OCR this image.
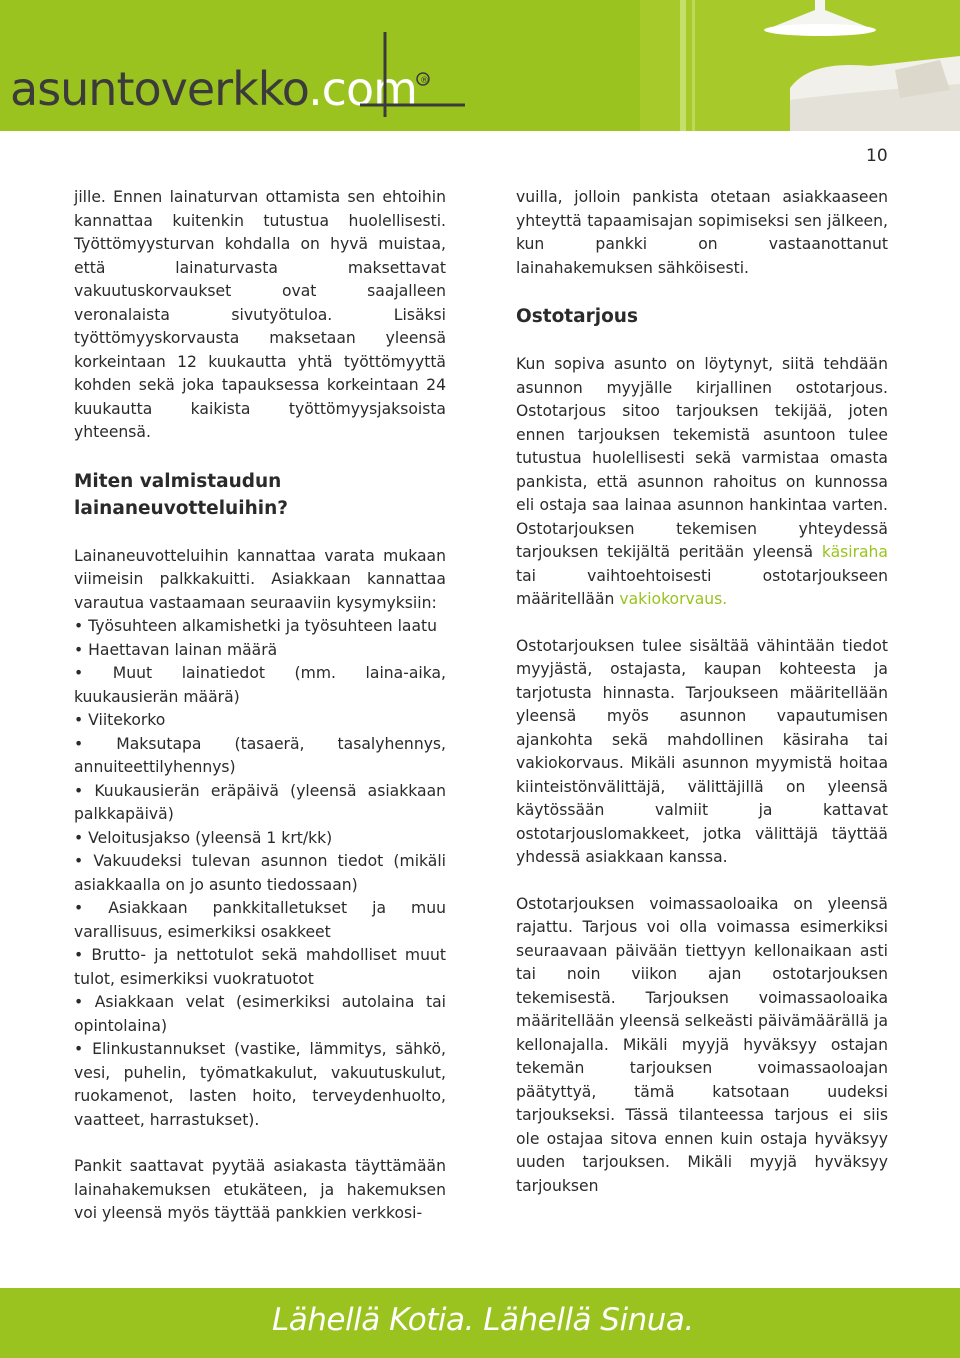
asuntoverkko.com ®
10

jille. Ennen lainaturvan ottamista sen ehtoihin kannattaa kuitenkin tutustua huolellisesti. Työttömyysturvan kohdalla on hyvä muistaa, että lainaturvasta maksettavat vakuutuskorvaukset ovat saajalleen veronalaista sivutyötuloa. Lisäksi työttömyyskorvausta maksetaan yleensä korkeintaan 12 kuukautta yhtä työttömyyttä kohden sekä joka tapauksessa korkeintaan 24 kuukautta kaikista työttömyysjaksoista yhteensä.

Miten valmistaudun lainaneuvotteluihin?

Lainaneuvotteluihin kannattaa varata mukaan viimeisin palkkakuitti. Asiakkaan kannattaa varautua vastaamaan seuraaviin kysymyksiin:

• Työsuhteen alkamishetki ja työsuhteen laatu

• Haettavan lainan määrä

• Muut lainatiedot (mm. laina-aika, kuukausierän määrä)

• Viitekorko

• Maksutapa (tasaerä, tasalyhennys, annuiteettilyhennys)

• Kuukausierän eräpäivä (yleensä asiakkaan palkkapäivä)

• Veloitusjakso (yleensä 1 krt/kk)

• Vakuudeksi tulevan asunnon tiedot (mikäli asiakkaalla on jo asunto tiedossaan)

• Asiakkaan pankkitalletukset ja muu varallisuus, esimerkiksi osakkeet

• Brutto- ja nettotulot sekä mahdolliset muut tulot, esimerkiksi vuokratuotot

• Asiakkaan velat (esimerkiksi autolaina tai opintolaina)

• Elinkustannukset (vastike, lämmitys, sähkö, vesi, puhelin, työmatkakulut, vakuutuskulut, ruokamenot, lasten hoito, terveydenhuolto, vaatteet, harrastukset).

Pankit saattavat pyytää asiakasta täyttämään lainahakemuksen etukäteen, ja hakemuksen voi yleensä myös täyttää pankkien verkkosi-

vuilla, jolloin pankista otetaan asiakkaaseen yhteyttä tapaamisajan sopimiseksi sen jälkeen, kun pankki on vastaanottanut lainahakemuksen sähköisesti.

Ostotarjous

Kun sopiva asunto on löytynyt, siitä tehdään asunnon myyjälle kirjallinen ostotarjous. Ostotarjous sitoo tarjouksen tekijää, joten ennen tarjouksen tekemistä asuntoon tulee tutustua huolellisesti sekä varmistaa omasta pankista, että asunnon rahoitus on kunnossa eli ostaja saa lainaa asunnon hankintaa varten. Ostotarjouksen tekemisen yhteydessä tarjouksen tekijältä peritään yleensä käsiraha tai vaihtoehtoisesti ostotarjoukseen määritellään vakiokorvaus.

Ostotarjouksen tulee sisältää vähintään tiedot myyjästä, ostajasta, kaupan kohteesta ja tarjotusta hinnasta. Tarjoukseen määritellään yleensä myös asunnon vapautumisen ajankohta sekä mahdollinen käsiraha tai vakiokorvaus. Mikäli asunnon myymistä hoitaa kiinteistönvälittäjä, välittäjillä on yleensä käytössään valmiit ja kattavat ostotarjouslomakkeet, jotka välittäjä täyttää yhdessä asiakkaan kanssa.

Ostotarjouksen voimassaoloaika on yleensä rajattu. Tarjous voi olla voimassa esimerkiksi seuraavaan päivään tiettyyn kellonaikaan asti tai noin viikon ajan ostotarjouksen tekemisestä. Tarjouksen voimassaoloaika määritellään yleensä selkeästi päivämäärällä ja kellonajalla. Mikäli myyjä hyväksyy ostajan tekemän tarjouksen voimassaoloajan päätyttyä, tämä katsotaan uudeksi tarjoukseksi. Tässä tilanteessa tarjous ei siis ole ostajaa sitova ennen kuin ostaja hyväksyy uuden tarjouksen. Mikäli myyjä hyväksyy tarjouksen

Lähellä Kotia. Lähellä Sinua.
